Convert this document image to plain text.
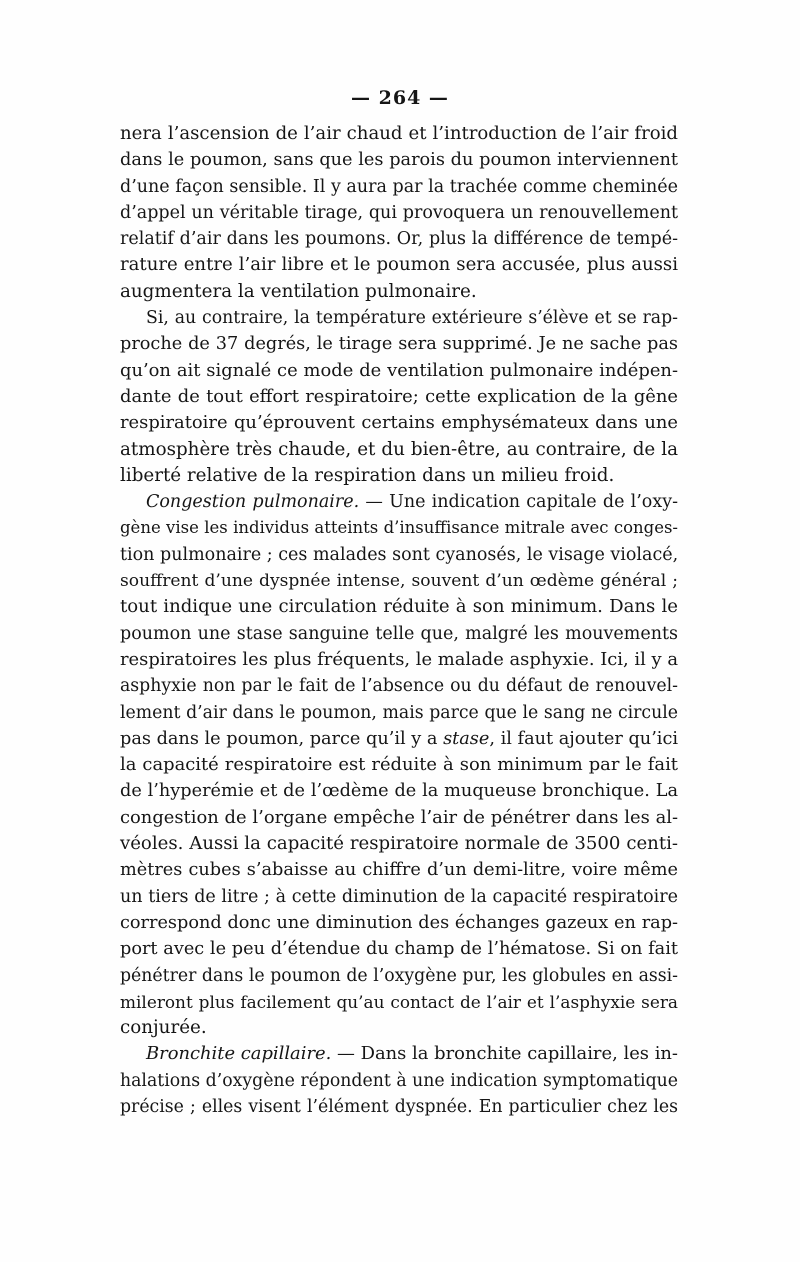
— 264 —
nera l’ascension de l’air chaud et l’introduction de l’air froid
dans le poumon, sans que les parois du poumon interviennent
d’une façon sensible. Il y aura par la trachée comme cheminée
d’appel un véritable tirage, qui provoquera un renouvellement
relatif d’air dans les poumons. Or, plus la différence de tempé-
rature entre l’air libre et le poumon sera accusée, plus aussi
augmentera la ventilation pulmonaire.
Si, au contraire, la température extérieure s’élève et se rap-
proche de 37 degrés, le tirage sera supprimé. Je ne sache pas
qu’on ait signalé ce mode de ventilation pulmonaire indépen-
dante de tout effort respiratoire; cette explication de la gêne
respiratoire qu’éprouvent certains emphysémateux dans une
atmosphère très chaude, et du bien-être, au contraire, de la
liberté relative de la respiration dans un milieu froid.
Congestion pulmonaire. — Une indication capitale de l’oxy-
gène vise les individus atteints d’insuffisance mitrale avec conges-
tion pulmonaire ; ces malades sont cyanosés, le visage violacé,
souffrent d’une dyspnée intense, souvent d’un œdème général ;
tout indique une circulation réduite à son minimum. Dans le
poumon une stase sanguine telle que, malgré les mouvements
respiratoires les plus fréquents, le malade asphyxie. Ici, il y a
asphyxie non par le fait de l’absence ou du défaut de renouvel-
lement d’air dans le poumon, mais parce que le sang ne circule
pas dans le poumon, parce qu’il y a stase, il faut ajouter qu’ici
la capacité respiratoire est réduite à son minimum par le fait
de l’hyperémie et de l’œdème de la muqueuse bronchique. La
congestion de l’organe empêche l’air de pénétrer dans les al-
véoles. Aussi la capacité respiratoire normale de 3500 centi-
mètres cubes s’abaisse au chiffre d’un demi-litre, voire même
un tiers de litre ; à cette diminution de la capacité respiratoire
correspond donc une diminution des échanges gazeux en rap-
port avec le peu d’étendue du champ de l’hématose. Si on fait
pénétrer dans le poumon de l’oxygène pur, les globules en assi-
mileront plus facilement qu’au contact de l’air et l’asphyxie sera
conjurée.
Bronchite capillaire. — Dans la bronchite capillaire, les in-
halations d’oxygène répondent à une indication symptomatique
précise ; elles visent l’élément dyspnée. En particulier chez les
